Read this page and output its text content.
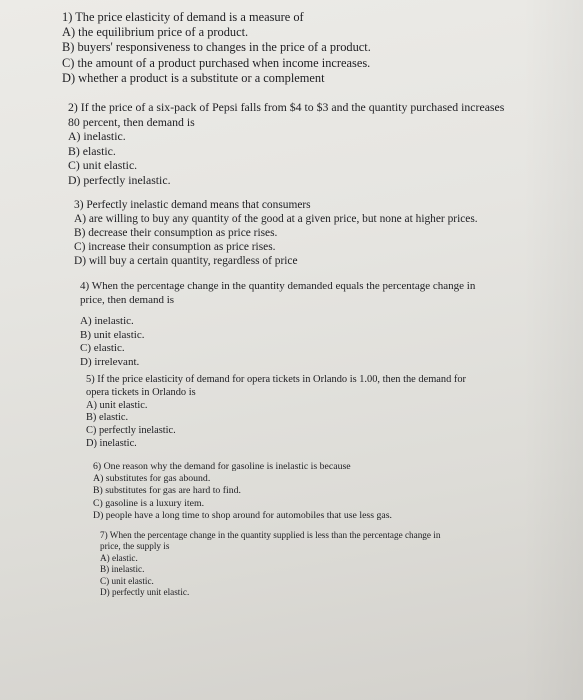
1) The price elasticity of demand is a measure of
A) the equilibrium price of a product.
B) buyers' responsiveness to changes in the price of a product.
C) the amount of a product purchased when income increases.
D) whether a product is a substitute or a complement
2) If the price of a six-pack of Pepsi falls from $4 to $3 and the quantity purchased increases
80 percent, then demand is
A) inelastic.
B) elastic.
C) unit elastic.
D) perfectly inelastic.
3) Perfectly inelastic demand means that consumers
A) are willing to buy any quantity of the good at a given price, but none at higher prices.
B) decrease their consumption as price rises.
C) increase their consumption as price rises.
D) will buy a certain quantity, regardless of price
4) When the percentage change in the quantity demanded equals the percentage change in
price, then demand is
A) inelastic.
B) unit elastic.
C) elastic.
D) irrelevant.
5) If the price elasticity of demand for opera tickets in Orlando is 1.00, then the demand for
opera tickets in Orlando is
A) unit elastic.
B) elastic.
C) perfectly inelastic.
D) inelastic.
6) One reason why the demand for gasoline is inelastic is because
A) substitutes for gas abound.
B) substitutes for gas are hard to find.
C) gasoline is a luxury item.
D) people have a long time to shop around for automobiles that use less gas.
7) When the percentage change in the quantity supplied is less than the percentage change in
price, the supply is
A) elastic.
B) inelastic.
C) unit elastic.
D) perfectly unit elastic.
